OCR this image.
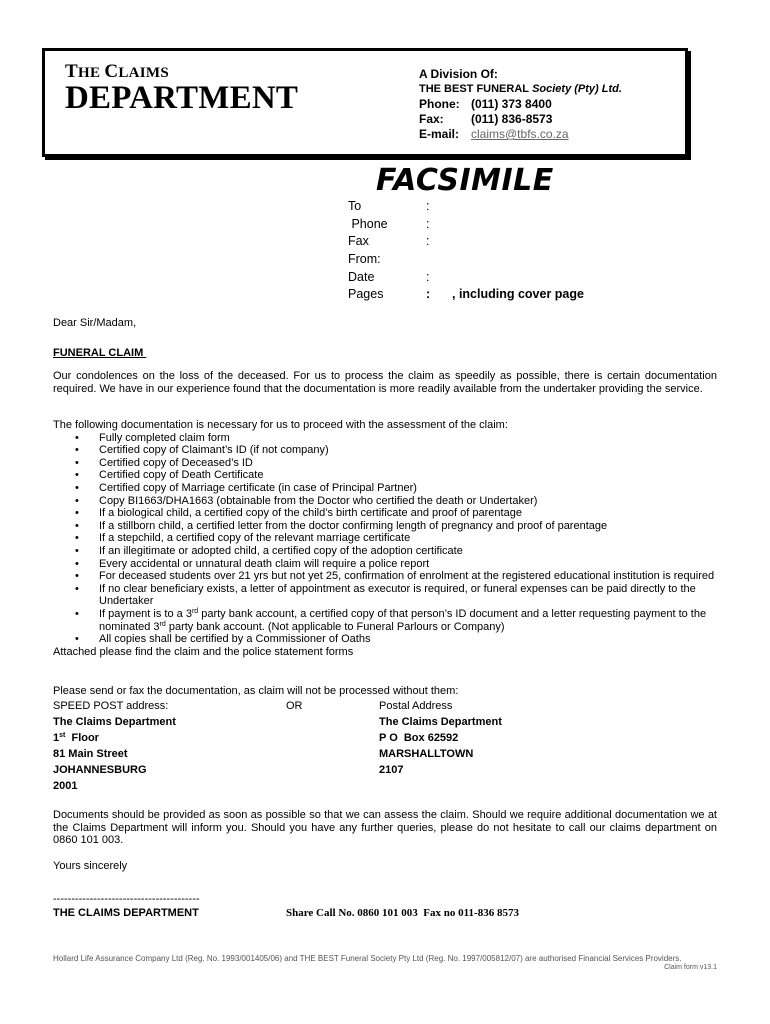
THE CLAIMS
DEPARTMENT
A Division Of:
THE BEST FUNERAL
Society (Pty) Ltd.
Phone: (011) 373 8400
Fax:	(011) 836-8573
E-mail: claims@tbfs.co.za
FACSIMILE
To	:
Phone	:
Fax	:
From:
Date	:
Pages	:	, including cover page
Dear Sir/Madam,
FUNERAL CLAIM
Our condolences on the loss of the deceased. For us to process the claim as speedily as possible, there is certain documentation required. We have in our experience found that the documentation is more readily available from the undertaker providing the service.
The following documentation is necessary for us to proceed with the assessment of the claim:
• Fully completed claim form
• Certified copy of Claimant’s ID (if not company)
• Certified copy of Deceased’s ID
• Certified copy of Death Certificate
• Certified copy of Marriage certificate (in case of Principal Partner)
• Copy BI1663/DHA1663 (obtainable from the Doctor who certified the death or Undertaker)
• If a biological child, a certified copy of the child’s birth certificate and proof of parentage
• If a stillborn child, a certified letter from the doctor confirming length of pregnancy and proof of parentage
• If a stepchild, a certified copy of the relevant marriage certificate
• If an illegitimate or adopted child, a certified copy of the adoption certificate
• Every accidental or unnatural death claim will require a police report
• For deceased students over 21 yrs but not yet 25, confirmation of enrolment at the registered educational institution is required
• If no clear beneficiary exists, a letter of appointment as executor is required, or funeral expenses can be paid directly to the Undertaker
• If payment is to a 3rd party bank account, a certified copy of that person’s ID document and a letter requesting payment to the nominated 3rd party bank account. (Not applicable to Funeral Parlours or Company)
• All copies shall be certified by a Commissioner of Oaths
Attached please find the claim and the police statement forms
Please send or fax the documentation, as claim will not be processed without them:
SPEED POST address:	OR	Postal Address
The Claims Department	The Claims Department
1st  Floor	P O  Box 62592
81 Main Street	MARSHALLTOWN
JOHANNESBURG	2107
2001
Documents should be provided as soon as possible so that we can assess the claim. Should we require additional documentation we at the Claims Department will inform you. Should you have any further queries, please do not hesitate to call our claims department on 0860 101 003.
Yours sincerely
----------------------------------------
THE CLAIMS DEPARTMENT	Share Call No. 0860 101 003  Fax no 011-836 8573
Hollard Life Assurance Company Ltd (Reg. No. 1993/001405/06) and THE BEST Funeral Society Pty Ltd (Reg. No. 1997/005812/07) are authorised Financial Services Providers.
Claim form v13.1
